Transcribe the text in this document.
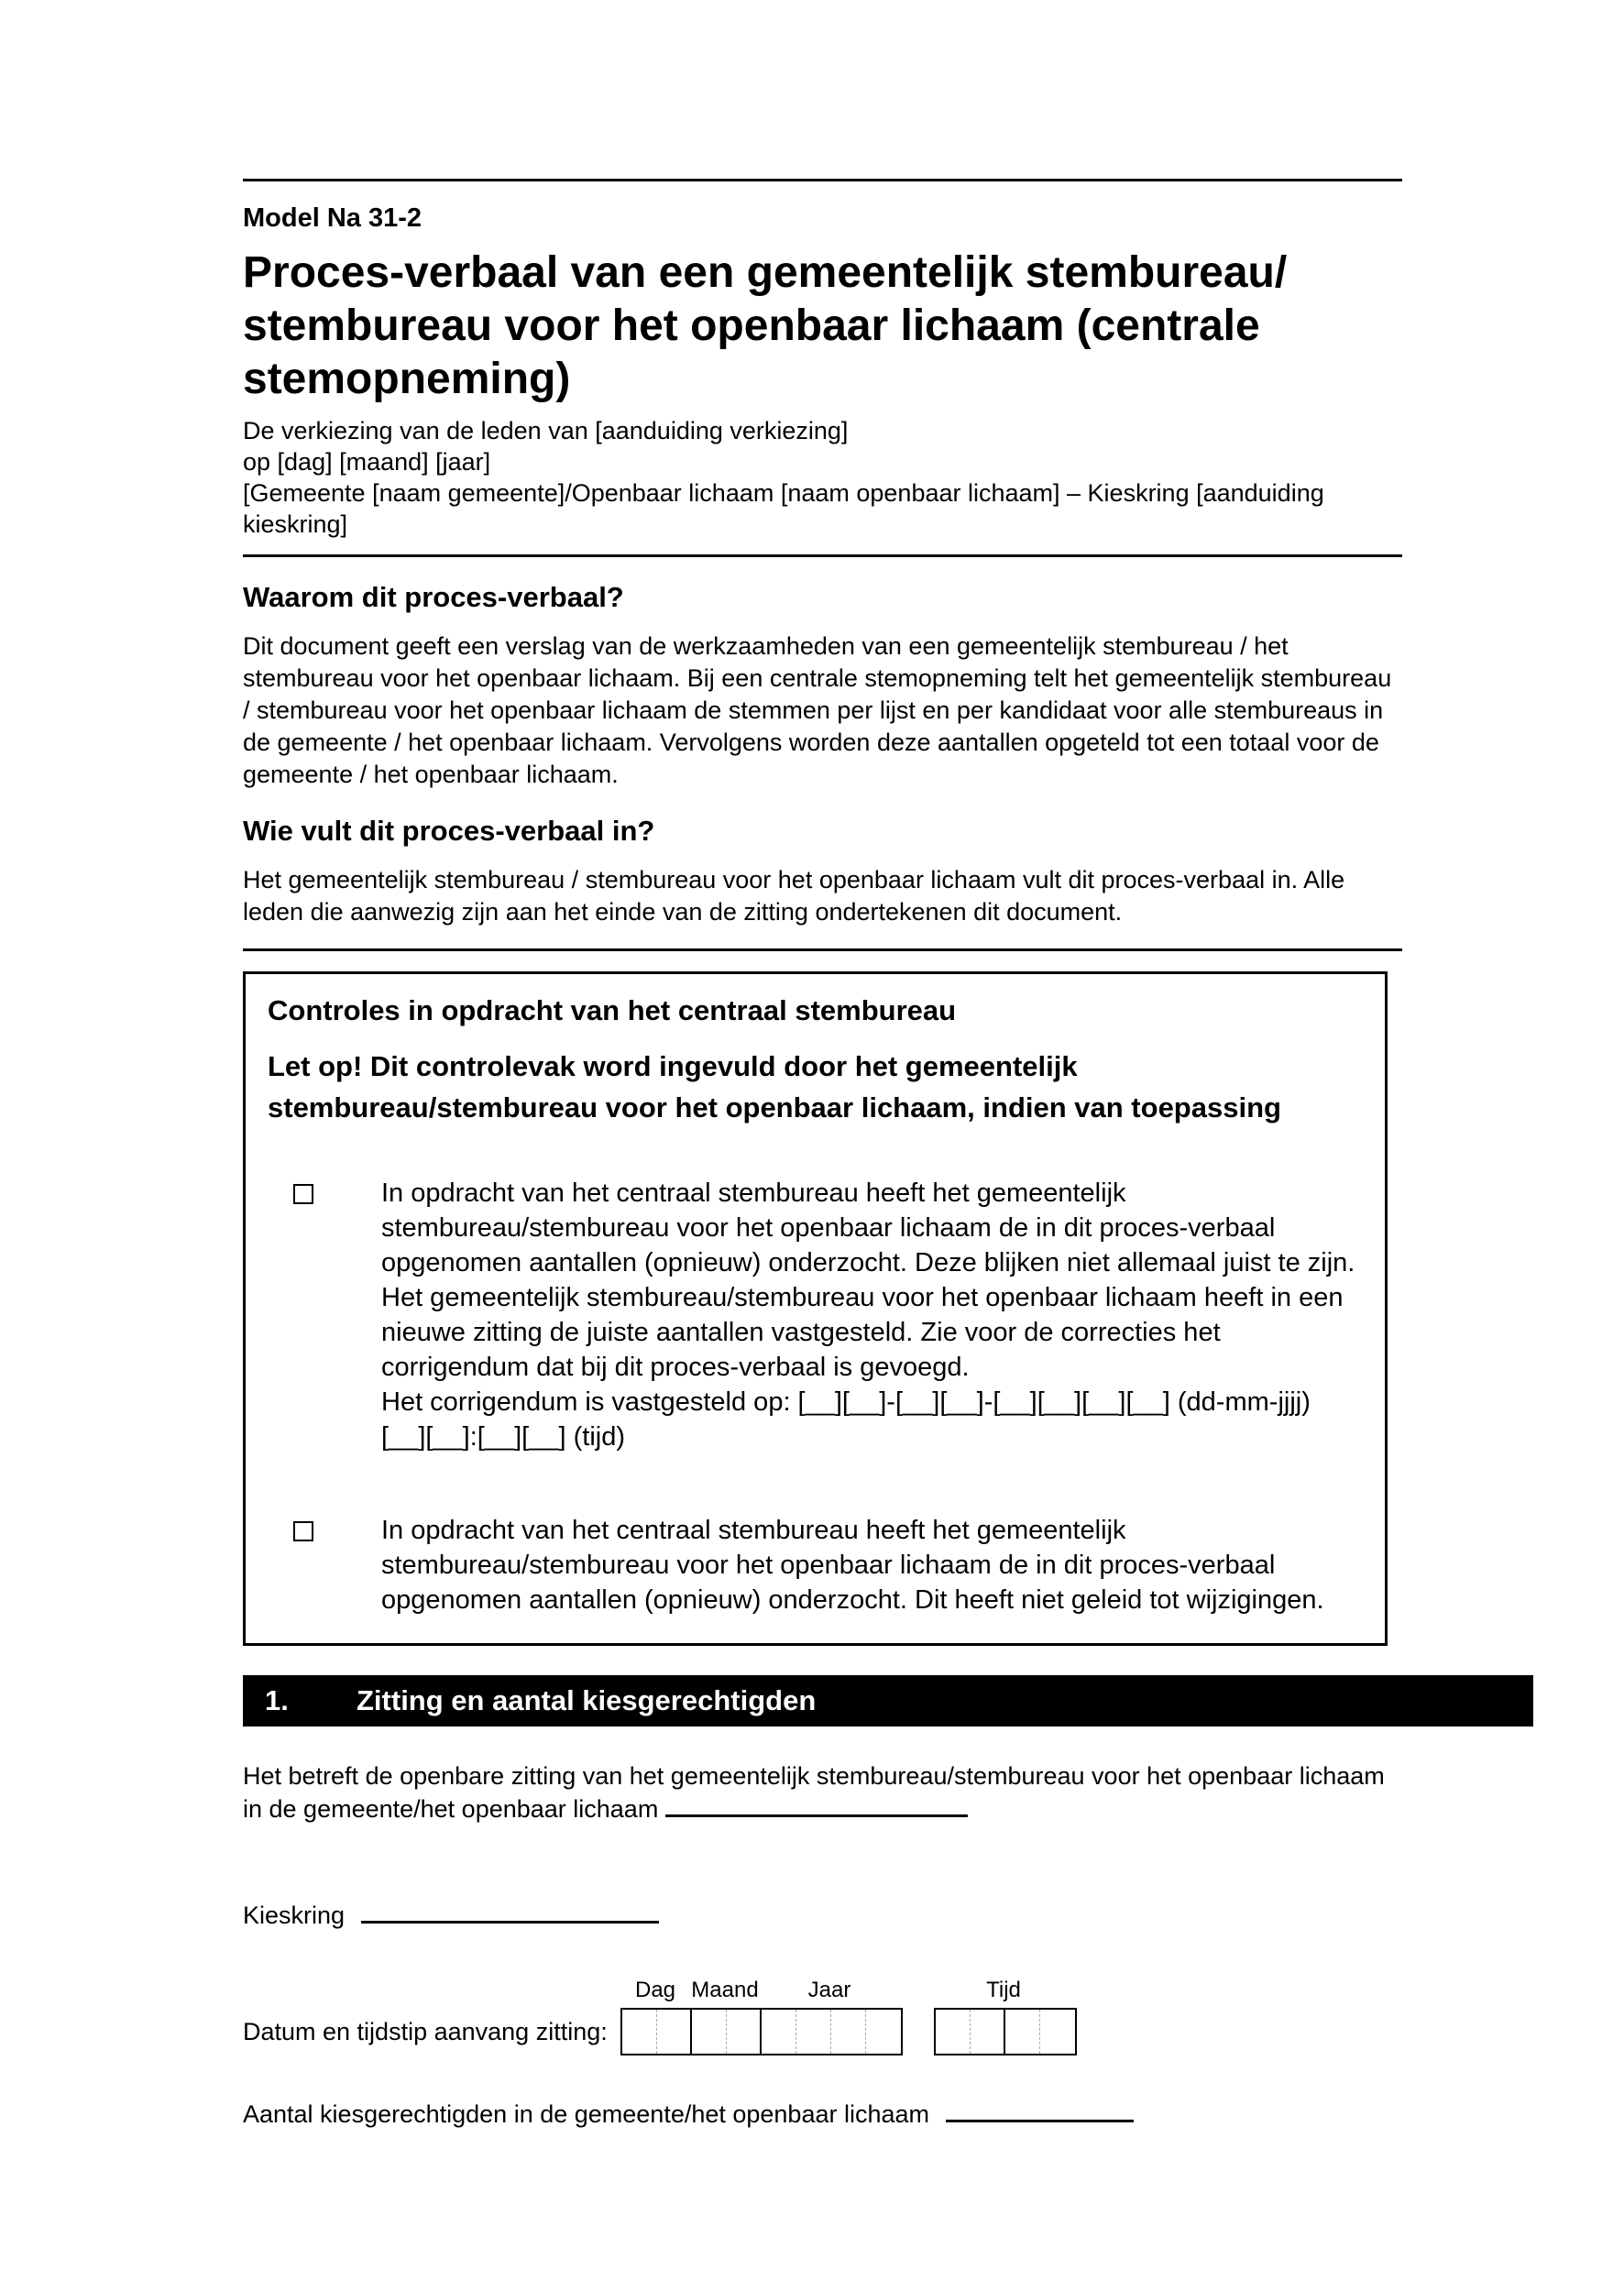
Model Na 31-2
Proces-verbaal van een gemeentelijk stembureau/
stembureau voor het openbaar lichaam (centrale
stemopneming)
De verkiezing van de leden van [aanduiding verkiezing]
op [dag] [maand] [jaar]
[Gemeente [naam gemeente]/Openbaar lichaam [naam openbaar lichaam] – Kieskring [aanduiding kieskring]
Waarom dit proces-verbaal?
Dit document geeft een verslag van de werkzaamheden van een gemeentelijk stembureau / het stembureau voor het openbaar lichaam. Bij een centrale stemopneming telt het gemeentelijk stembureau / stembureau voor het openbaar lichaam de stemmen per lijst en per kandidaat voor alle stembureaus in de gemeente / het openbaar lichaam. Vervolgens worden deze aantallen opgeteld tot een totaal voor de gemeente / het openbaar lichaam.
Wie vult dit proces-verbaal in?
Het gemeentelijk stembureau / stembureau voor het openbaar lichaam vult dit proces-verbaal in. Alle leden die aanwezig zijn aan het einde van de zitting ondertekenen dit document.
Controles in opdracht van het centraal stembureau
Let op! Dit controlevak word ingevuld door het gemeentelijk stembureau/stembureau voor het openbaar lichaam, indien van toepassing
In opdracht van het centraal stembureau heeft het gemeentelijk stembureau/stembureau voor het openbaar lichaam de in dit proces-verbaal opgenomen aantallen (opnieuw) onderzocht. Deze blijken niet allemaal juist te zijn. Het gemeentelijk stembureau/stembureau voor het openbaar lichaam heeft in een nieuwe zitting de juiste aantallen vastgesteld. Zie voor de correcties het corrigendum dat bij dit proces-verbaal is gevoegd.
Het corrigendum is vastgesteld op: [__][__]-[__][__]-[__][__][__][__] (dd-mm-jjjj)
[__][__]:[__][__] (tijd)
In opdracht van het centraal stembureau heeft het gemeentelijk stembureau/stembureau voor het openbaar lichaam de in dit proces-verbaal opgenomen aantallen (opnieuw) onderzocht. Dit heeft niet geleid tot wijzigingen.
1.	Zitting en aantal kiesgerechtigden
Het betreft de openbare zitting van het gemeentelijk stembureau/stembureau voor het openbaar lichaam in de gemeente/het openbaar lichaam
Kieskring
Dag Maand	Jaar	Tijd
Datum en tijdstip aanvang zitting:
Aantal kiesgerechtigden in de gemeente/het openbaar lichaam
